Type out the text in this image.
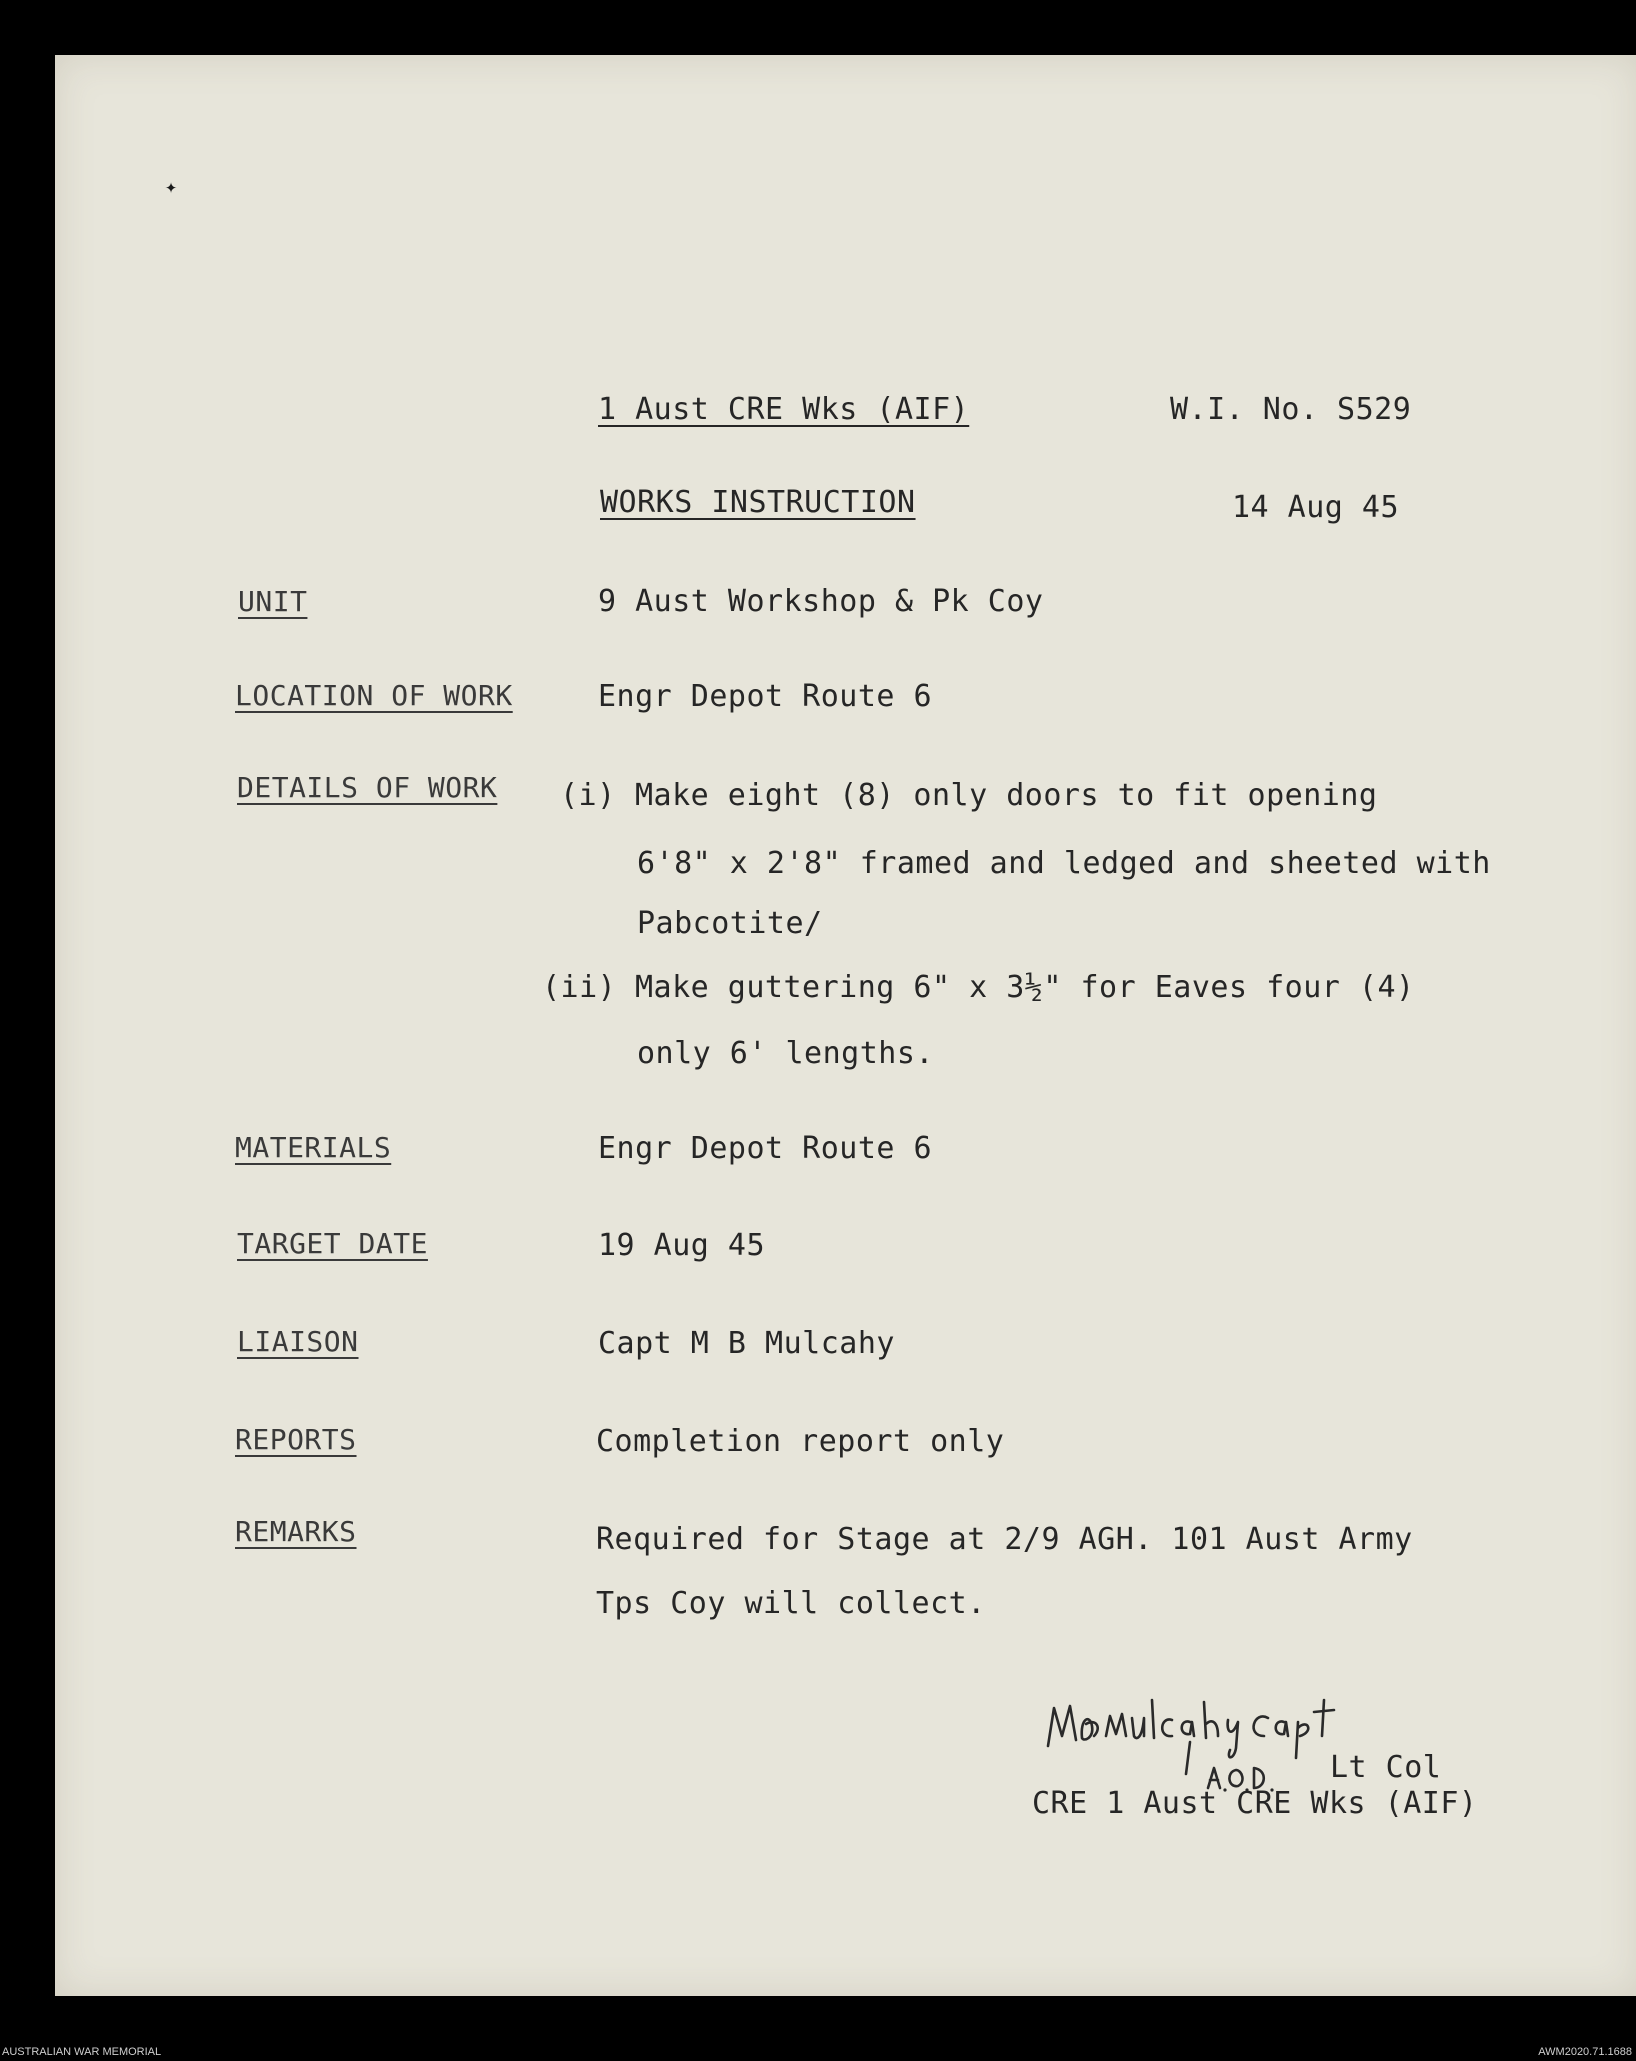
✦
1 Aust CRE Wks (AIF)	W.I. No. S529
WORKS INSTRUCTION	14 Aug 45
UNIT	9 Aust Workshop & Pk Coy
LOCATION OF WORK	Engr Depot Route 6
DETAILS OF WORK (i) Make eight (8) only doors to fit opening
6'8" x 2'8" framed and ledged and sheeted with
Pabcotite/
(ii) Make guttering 6" x 3½" for Eaves four (4)
only 6' lengths.
MATERIALS	Engr Depot Route 6
TARGET DATE	19 Aug 45
LIAISON	Capt M B Mulcahy
REPORTS	Completion report only
REMARKS	Required for Stage at 2/9 AGH. 101 Aust Army
Tps Coy will collect.
Lt Col
CRE 1 Aust CRE Wks (AIF)
AUSTRALIAN WAR MEMORIAL	AWM2020.71.1688
